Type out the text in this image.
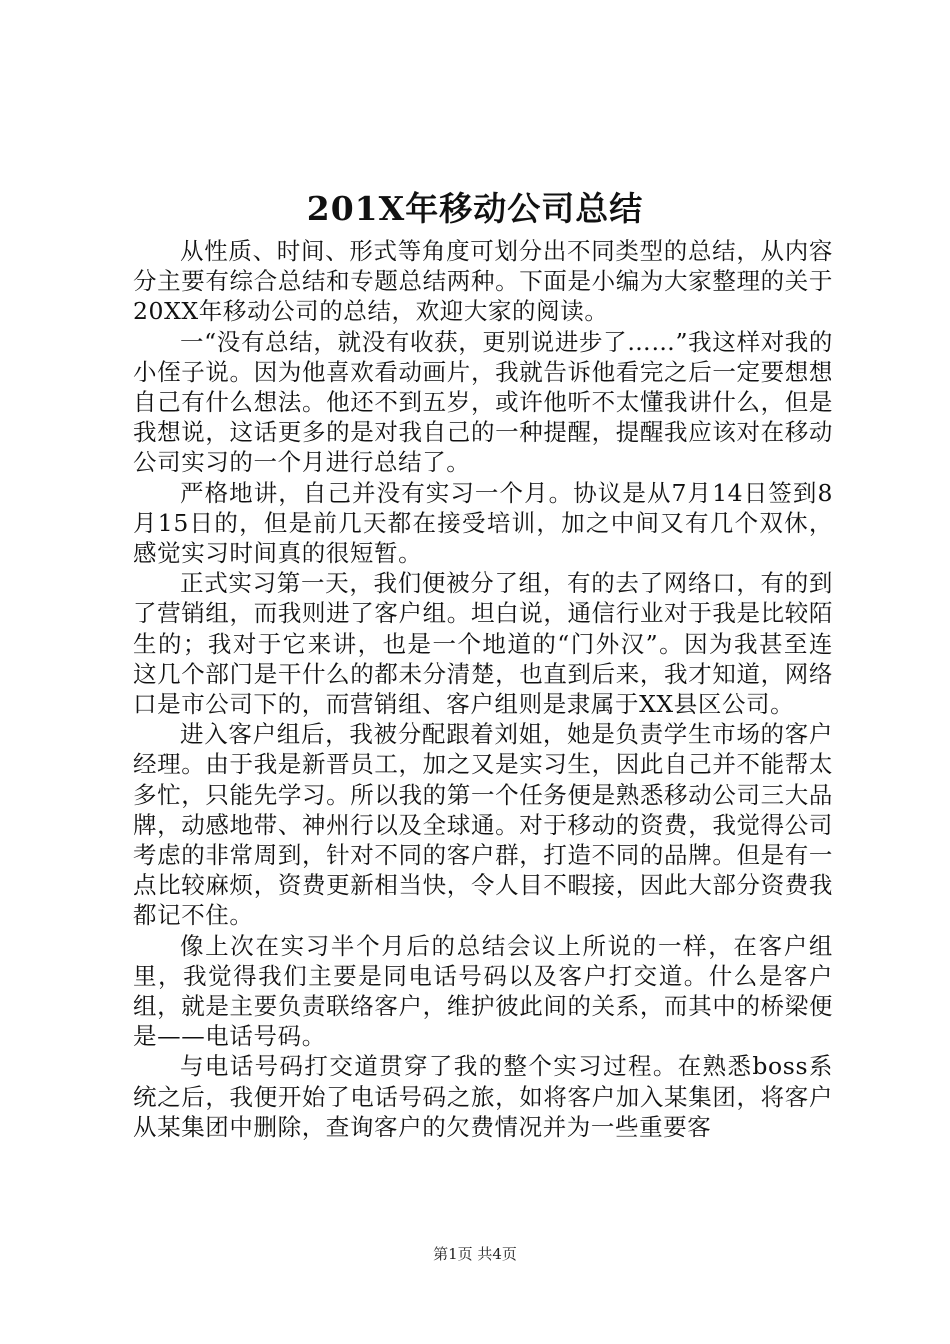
201X年移动公司总结

从性质、时间、形式等角度可划分出不同类型的总结，从内容分主要有综合总结和专题总结两种。下面是小编为大家整理的关于20XX年移动公司的总结，欢迎大家的阅读。

一“没有总结，就没有收获，更别说进步了……”我这样对我的小侄子说。因为他喜欢看动画片，我就告诉他看完之后一定要想想自己有什么想法。他还不到五岁，或许他听不太懂我讲什么，但是我想说，这话更多的是对我自己的一种提醒，提醒我应该对在移动公司实习的一个月进行总结了。

严格地讲，自己并没有实习一个月。协议是从7月14日签到8月15日的，但是前几天都在接受培训，加之中间又有几个双休，感觉实习时间真的很短暂。

正式实习第一天，我们便被分了组，有的去了网络口，有的到了营销组，而我则进了客户组。坦白说，通信行业对于我是比较陌生的；我对于它来讲，也是一个地道的“门外汉”。因为我甚至连这几个部门是干什么的都未分清楚，也直到后来，我才知道，网络口是市公司下的，而营销组、客户组则是隶属于XX县区公司。

进入客户组后，我被分配跟着刘姐，她是负责学生市场的客户经理。由于我是新晋员工，加之又是实习生，因此自己并不能帮太多忙，只能先学习。所以我的第一个任务便是熟悉移动公司三大品牌，动感地带、神州行以及全球通。对于移动的资费，我觉得公司考虑的非常周到，针对不同的客户群，打造不同的品牌。但是有一点比较麻烦，资费更新相当快，令人目不暇接，因此大部分资费我都记不住。

像上次在实习半个月后的总结会议上所说的一样，在客户组里，我觉得我们主要是同电话号码以及客户打交道。什么是客户组，就是主要负责联络客户，维护彼此间的关系，而其中的桥梁便是——电话号码。

与电话号码打交道贯穿了我的整个实习过程。在熟悉boss系统之后，我便开始了电话号码之旅，如将客户加入某集团，将客户从某集团中删除，查询客户的欠费情况并为一些重要客

第1页 共4页
